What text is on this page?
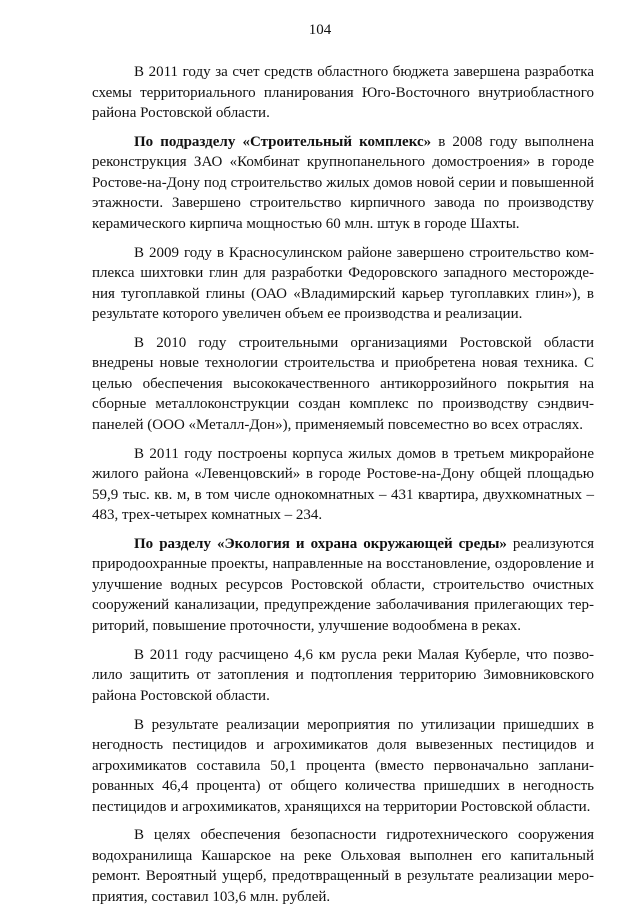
104

В 2011 году за счет средств областного бюджета завершена разработка схемы территориального планирования Юго-Восточного внутриобластного района Ростовской области.

По подразделу «Строительный комплекс» в 2008 году выполнена реконструкция ЗАО «Комбинат крупнопанельного домостроения» в городе Ростове-на-Дону под строительство жилых домов новой серии и повышенной этажности. Завершено строительство кирпичного завода по производству керамического кирпича мощностью 60 млн. штук в городе Шахты.

В 2009 году в Красносулинском районе завершено строительство комплекса шихтовки глин для разработки Федоровского западного месторождения тугоплавкой глины (ОАО «Владимирский карьер тугоплавких глин»), в результате которого увеличен объем ее производства и реализации.

В 2010 году строительными организациями Ростовской области внедрены новые технологии строительства и приобретена новая техника. С целью обеспечения высококачественного антикоррозийного покрытия на сборные металлоконструкции создан комплекс по производству сэндвич-панелей (ООО «Металл-Дон»), применяемый повсеместно во всех отраслях.

В 2011 году построены корпуса жилых домов в третьем микрорайоне жилого района «Левенцовский» в городе Ростове-на-Дону общей площадью 59,9 тыс. кв. м, в том числе однокомнатных – 431 квартира, двухкомнатных – 483, трех-четырех комнатных – 234.

По разделу «Экология и охрана окружающей среды» реализуются природоохранные проекты, направленные на восстановление, оздоровление и улучшение водных ресурсов Ростовской области, строительство очистных сооружений канализации, предупреждение заболачивания прилегающих территорий, повышение проточности, улучшение водообмена в реках.

В 2011 году расчищено 4,6 км русла реки Малая Куберле, что позволило защитить от затопления и подтопления территорию Зимовниковского района Ростовской области.

В результате реализации мероприятия по утилизации пришедших в негодность пестицидов и агрохимикатов доля вывезенных пестицидов и агрохимикатов составила 50,1 процента (вместо первоначально запланированных 46,4 процента) от общего количества пришедших в негодность пестицидов и агрохимикатов, хранящихся на территории Ростовской области.

В целях обеспечения безопасности гидротехнического сооружения водохранилища Кашарское на реке Ольховая выполнен его капитальный ремонт. Вероятный ущерб, предотвращенный в результате реализации мероприятия, составил 103,6 млн. рублей.
